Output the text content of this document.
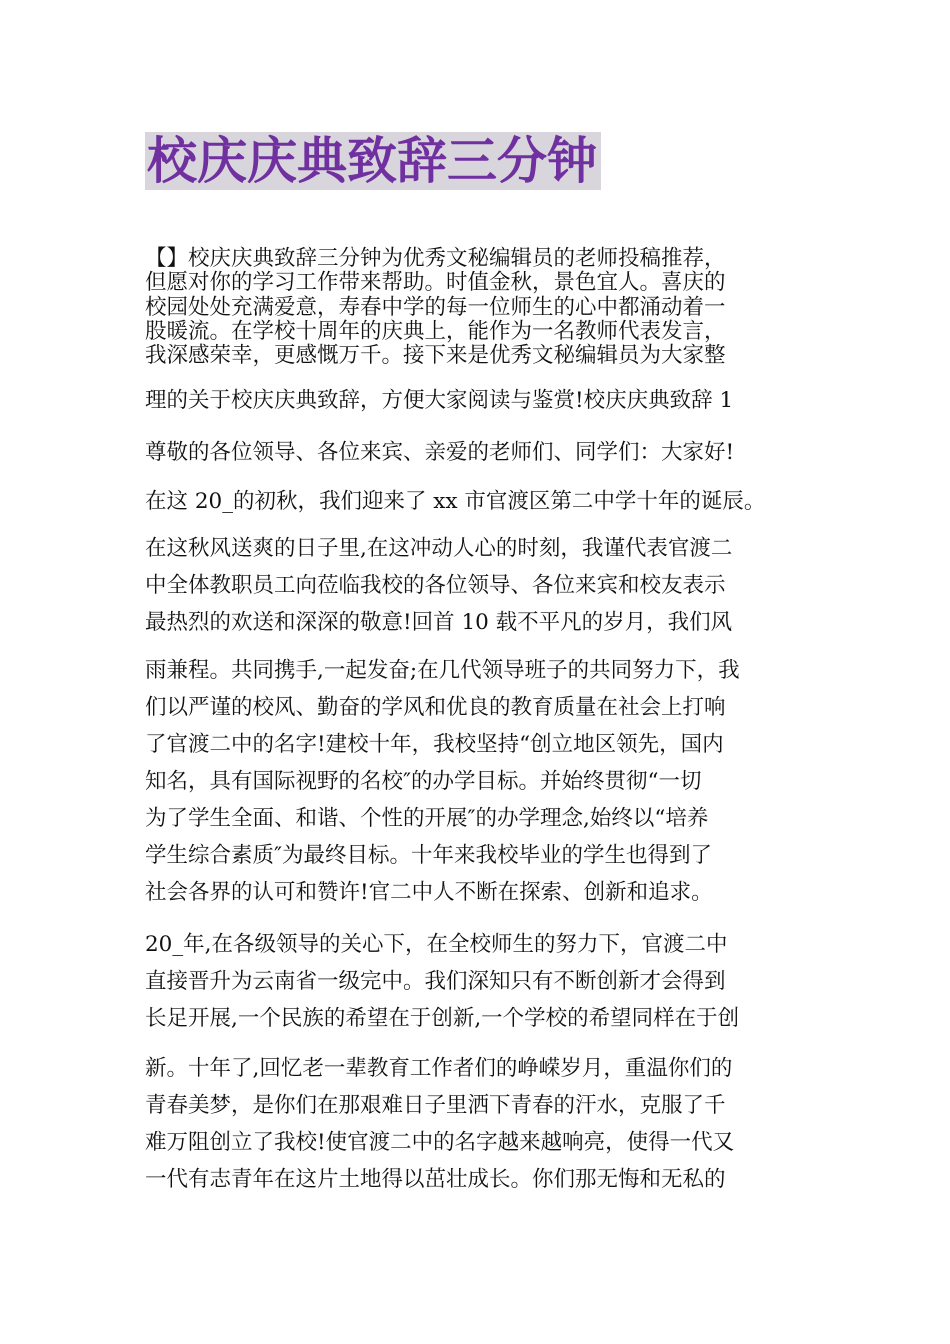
校庆庆典致辞三分钟
【】校庆庆典致辞三分钟为优秀文秘编辑员的老师投稿推荐，
但愿对你的学习工作带来帮助。时值金秋，景色宜人。喜庆的
校园处处充满爱意，寿春中学的每一位师生的心中都涌动着一
股暖流。在学校十周年的庆典上，能作为一名教师代表发言，
我深感荣幸，更感慨万千。接下来是优秀文秘编辑员为大家整
理的关于校庆庆典致辞，方便大家阅读与鉴赏!校庆庆典致辞 1
尊敬的各位领导、各位来宾、亲爱的老师们、同学们：大家好!
在这 20_的初秋，我们迎来了 xx 市官渡区第二中学十年的诞辰。
在这秋风送爽的日子里,在这冲动人心的时刻，我谨代表官渡二
中全体教职员工向莅临我校的各位领导、各位来宾和校友表示
最热烈的欢送和深深的敬意!回首 10 载不平凡的岁月，我们风
雨兼程。共同携手,一起发奋;在几代领导班子的共同努力下，我
们以严谨的校风、勤奋的学风和优良的教育质量在社会上打响
了官渡二中的名字!建校十年，我校坚持“创立地区领先，国内
知名，具有国际视野的名校″的办学目标。并始终贯彻“一切
为了学生全面、和谐、个性的开展″的办学理念,始终以“培养
学生综合素质″为最终目标。十年来我校毕业的学生也得到了
社会各界的认可和赞许!官二中人不断在探索、创新和追求。
20_年,在各级领导的关心下，在全校师生的努力下，官渡二中
直接晋升为云南省一级完中。我们深知只有不断创新才会得到
长足开展,一个民族的希望在于创新,一个学校的希望同样在于创
新。十年了,回忆老一辈教育工作者们的峥嵘岁月，重温你们的
青春美梦，是你们在那艰难日子里洒下青春的汗水，克服了千
难万阻创立了我校!使官渡二中的名字越来越响亮，使得一代又
一代有志青年在这片土地得以茁壮成长。你们那无悔和无私的
